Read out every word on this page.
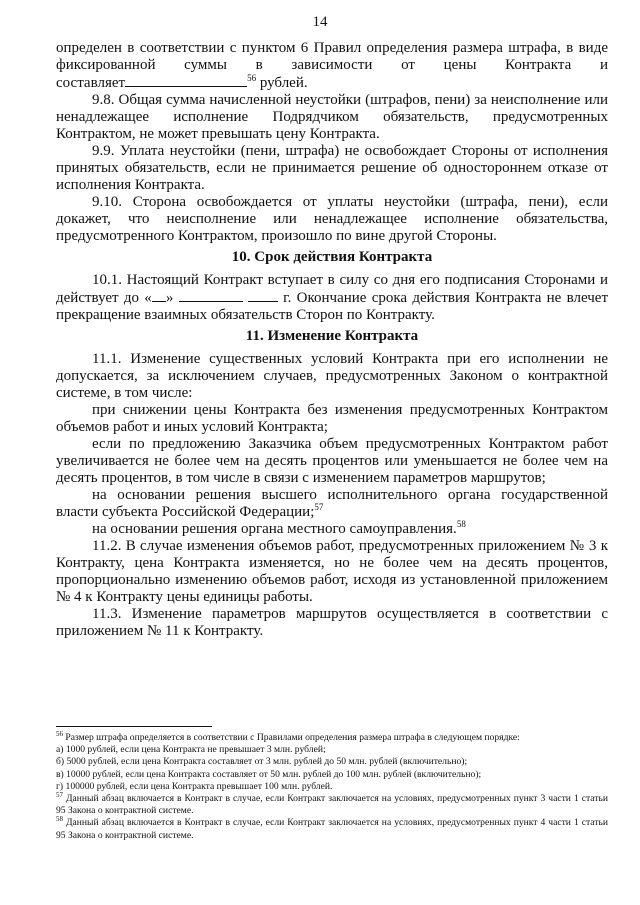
14

определен в соответствии с пунктом 6 Правил определения размера штрафа, в виде фиксированной суммы в зависимости от цены Контракта и

составляет	$^{56}$ рублей.

9.8. Общая сумма начисленной неустойки (штрафов, пени) за неисполнение или ненадлежащее исполнение Подрядчиком обязательств, предусмотренных Контрактом, не может превышать цену Контракта.

9.9. Уплата неустойки (пени, штрафа) не освобождает Стороны от исполнения принятых обязательств, если не принимается решение об одностороннем отказе от исполнения Контракта.

9.10. Сторона освобождается от уплаты неустойки (штрафа, пени), если докажет, что неисполнение или ненадлежащее исполнение обязательства, предусмотренного Контрактом, произошло по вине другой Стороны.

10. Срок действия Контракта

10.1. Настоящий Контракт вступает в силу со дня его подписания Сторонами и действует до « »	г. Окончание срока действия Контракта не влечет прекращение взаимных обязательств Сторон по Контракту.

11. Изменение Контракта

11.1. Изменение существенных условий Контракта при его исполнении не допускается, за исключением случаев, предусмотренных Законом о контрактной системе, в том числе:

при снижении цены Контракта без изменения предусмотренных Контрактом объемов работ и иных условий Контракта;

если по предложению Заказчика объем предусмотренных Контрактом работ увеличивается не более чем на десять процентов или уменьшается не более чем на десять процентов, в том числе в связи с изменением параметров маршрутов;

на основании решения высшего исполнительного органа государственной власти субъекта Российской Федерации;$^{57}$

на основании решения органа местного самоуправления.$^{58}$

11.2. В случае изменения объемов работ, предусмотренных приложением № 3 к Контракту, цена Контракта изменяется, но не более чем на десять процентов, пропорционально изменению объемов работ, исходя из установленной приложением № 4 к Контракту цены единицы работы.

11.3. Изменение параметров маршрутов осуществляется в соответствии с приложением № 11 к Контракту.

$^{56}$ Размер штрафа определяется в соответствии с Правилами определения размера штрафа в следующем порядке:

а) 1000 рублей, если цена Контракта не превышает 3 млн. рублей;

б) 5000 рублей, если цена Контракта составляет от 3 млн. рублей до 50 млн. рублей (включительно);

в) 10000 рублей, если цена Контракта составляет от 50 млн. рублей до 100 млн. рублей (включительно);

г) 100000 рублей, если цена Контракта превышает 100 млн. рублей.

$^{57}$ Данный абзац включается в Контракт в случае, если Контракт заключается на условиях, предусмотренных пункт 3 части 1 статьи 95 Закона о контрактной системе.

$^{58}$ Данный абзац включается в Контракт в случае, если Контракт заключается на условиях, предусмотренных пункт 4 части 1 статьи 95 Закона о контрактной системе.
